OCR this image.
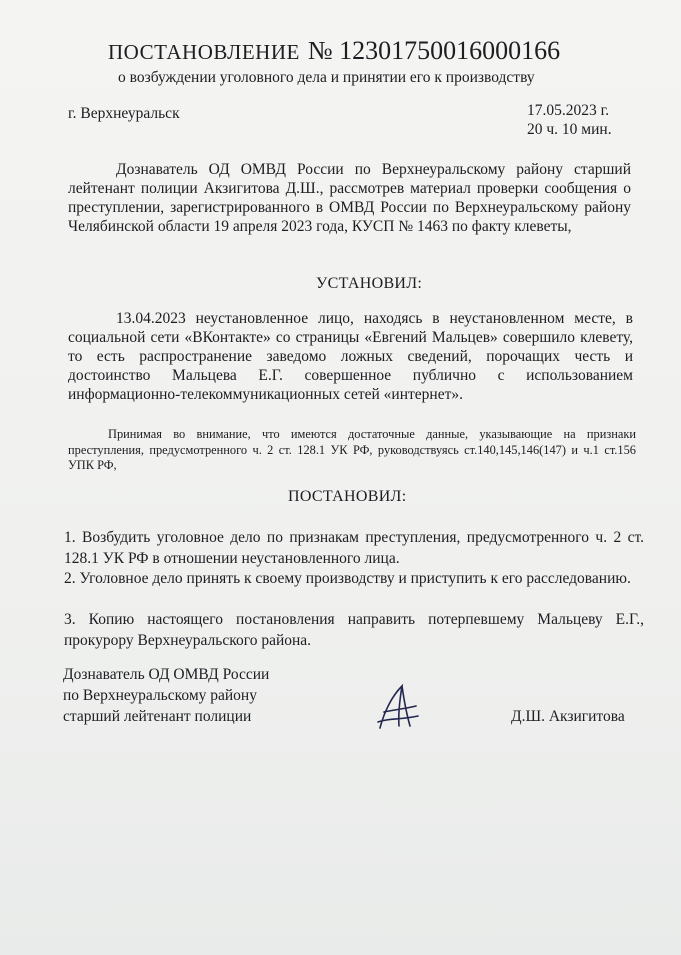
ПОСТАНОВЛЕНИЕ № 12301750016000166
о возбуждении уголовного дела и принятии его к производству
г. Верхнеуральск	17.05.2023 г.
20 ч. 10 мин.

Дознаватель ОД ОМВД России по Верхнеуральскому району старший лейтенант полиции Акзигитова Д.Ш., рассмотрев материал проверки сообщения о преступлении, зарегистрированного в ОМВД России по Верхнеуральскому району Челябинской области 19 апреля 2023 года, КУСП № 1463 по факту клеветы,

УСТАНОВИЛ:

13.04.2023 неустановленное лицо, находясь в неустановленном месте, в социальной сети «ВКонтакте» со страницы «Евгений Мальцев» совершило клевету, то есть распространение заведомо ложных сведений, порочащих честь и достоинство Мальцева Е.Г. совершенное публично с использованием информационно-телекоммуникационных сетей «интернет».

Принимая во внимание, что имеются достаточные данные, указывающие на признаки преступления, предусмотренного ч. 2 ст. 128.1 УК РФ, руководствуясь ст.140,145,146(147) и ч.1 ст.156 УПК РФ,

ПОСТАНОВИЛ:

1. Возбудить уголовное дело по признакам преступления, предусмотренного ч. 2 ст. 128.1 УК РФ в отношении неустановленного лица.

2. Уголовное дело принять к своему производству и приступить к его расследованию.

3. Копию настоящего постановления направить потерпевшему Мальцеву Е.Г., прокурору Верхнеуральского района.

Дознаватель ОД ОМВД России
по Верхнеуральскому району
старший лейтенант полиции	Д.Ш. Акзигитова
